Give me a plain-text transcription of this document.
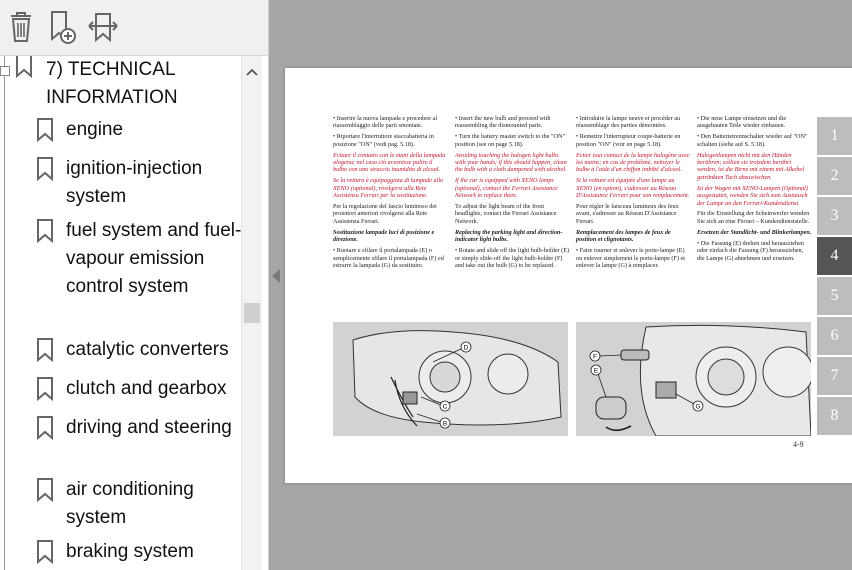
7) TECHNICAL INFORMATION
engine
ignition-injection system
fuel system and fuel-vapour emission control system
catalytic converters
clutch and gearbox
driving and steering
air conditioning system
braking system

• Inserire la nuova lampada e procedere al riassemblaggio delle parti smontate.

• Riportare l'interruttore staccabatteria in posizione "ON" (vedi pag. 5.18).

Evitare il contatto con le mani della lampada alogena; nel caso ciò avvenisse pulire il bulbo con uno straccio inumidito di alcool.

Se la vettura è equipaggiata di lampade allo XENO (optional), rivolgersi alla Rete Assistenza Ferrari per la sostituzione.

Per la regolazione del fascio luminoso dei proiettori anteriori rivolgersi alla Rete Assistenza Ferrari.

Sostituzione lampade luci di posizione e direzione.

• Ruotare e sfilare il portalampada (E) o semplicemente sfilare il portalampada (F) ed estrarre la lampada (G) da sostituire.

• Insert the new bulb and proceed with reassembling the dismounted parts.

• Turn the battery master switch to the "ON" position (see on page 5.18).

Avoiding touching the halogen light bulbs with your hands; if this should happen, clean the bulb with a cloth dampened with alcohol.

If the car is equipped with XENO lamps (optional), contact the Ferrari Assistance Network to replace them.

To adjust the light beam of the front headlights, contact the Ferrari Assistance Network.

Replacing the parking light and direction-indicator light bulbs.

• Rotate and slide off the light bulb-holder (E) or simply slide-off the light bulb-holder (F) and take out the bulb (G) to be replaced.

• Introduire la lampe neuve et procéder au réassemblage des parties démontées.

• Remettre l'interrupteur coupe-batterie en position "ON" (voir en page 5.18).

Eviter tout contact de la lampe halogène avec les mains; en cas de problème, nettoyer le bulbe à l'aide d'un chiffon imbibé d'alcool.

Si la voiture est équipée d'une lampe au XENO (en option), s'adresser au Réseau D'Assistance Ferrari pour son remplacement.

Pour régler le faisceau lumineux des feux avant, s'adresser au Réseau D'Assistance Ferrari.

Remplacement des lampes de feux de position et clignotants.

• Faire tourner et enlever le porte-lampe (E) ou enlever simplement le porte-lampe (F) et enlever la lampe (G) à remplacer.

• Die neue Lampe einsetzen und die ausgebauten Teile wieder einbauen.

• Den Batterietrennschalter wieder auf "ON" schalten (siehe auf S. 5.18).

Halogenlampen nicht mit den Händen berühren; sollten sie trotzdem berührt werden, ist die Birne mit einem mit Alkohol getränkten Tuch abzuwischen.

Ist der Wagen mit XENO-Lampen (Optional) ausgestattet, wenden Sie sich zum Austausch der Lampe an den Ferrari-Kundendienst.

Für die Einstellung der Scheinwerfer wenden Sie sich an eine Ferrari – Kundendienststelle.

Ersetzen der Standlicht- und Blinkerlampen.

• Die Fassung (E) drehen und herausziehen oder einfach die Fassung (F) herausziehen, die Lampe (G) abnehmen und ersetzen.

D
C
B
F
E
G
1
2
3
4
5
6
7
8
4-9
